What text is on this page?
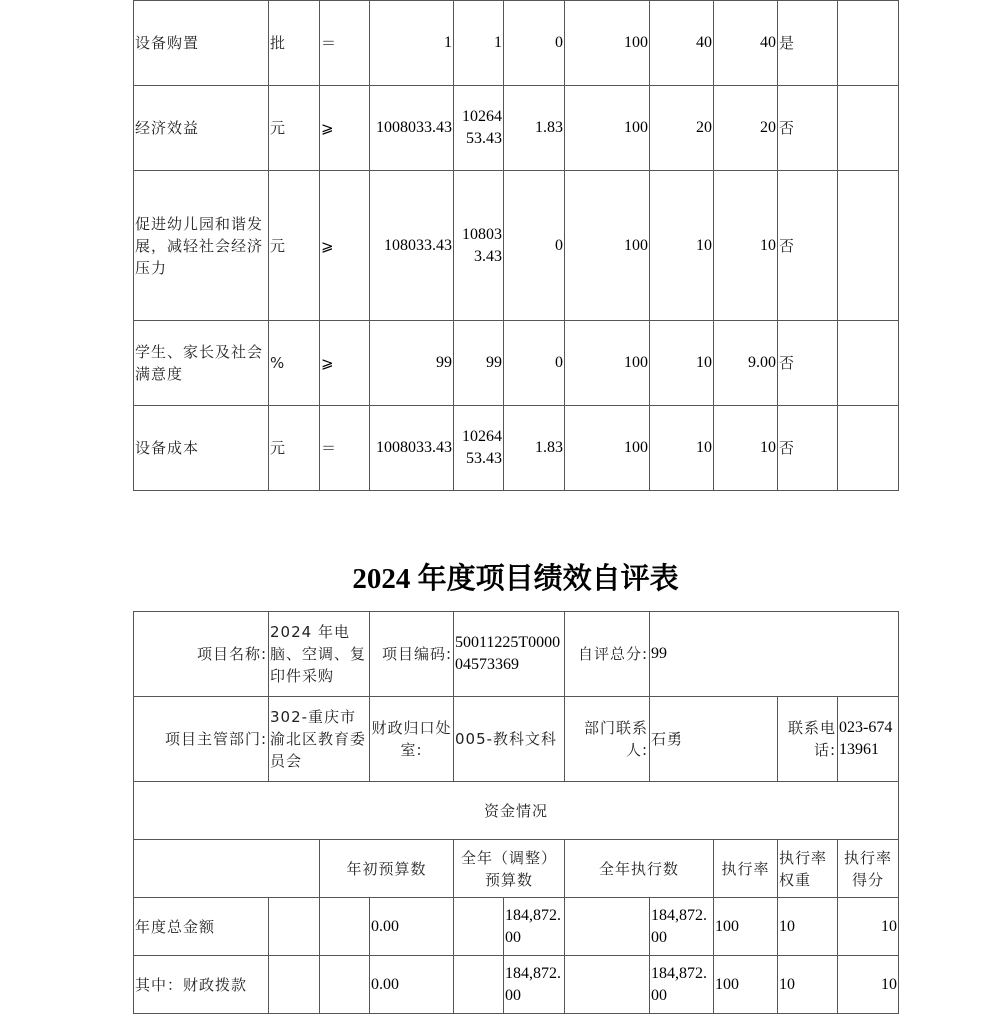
设备购置	批	＝	1	1	0	100	40	40	是	
经济效益	元	⩾	1008033.43	1026453.43	1.83	100	20	20	否	
促进幼儿园和谐发展，减轻社会经济压力	元	⩾	108033.43	108033.43	0	100	10	10	否	
学生、家长及社会满意度	%	⩾	99	99	0	100	10	9.00	否	
设备成本	元	＝	1008033.43	1026453.43	1.83	100	10	10	否	
2024 年度项目绩效自评表
项目名称:	2024 年电脑、空调、复印件采购		项目编码:	50011225T000004573369		自评总分:	99			
项目主管部门:	302-重庆市渝北区教育委员会		财政归口处室:	005-教科文科		部门联系人:	石勇		联系电话:	023-67413961
资金情况										
		年初预算数		全年（调整）预算数		全年执行数		执行率	执行率权重	执行率得分
年度总金额			0.00		184,872.00		184,872.00	100	10	10
其中：财政拨款			0.00		184,872.00		184,872.00	100	10	10
